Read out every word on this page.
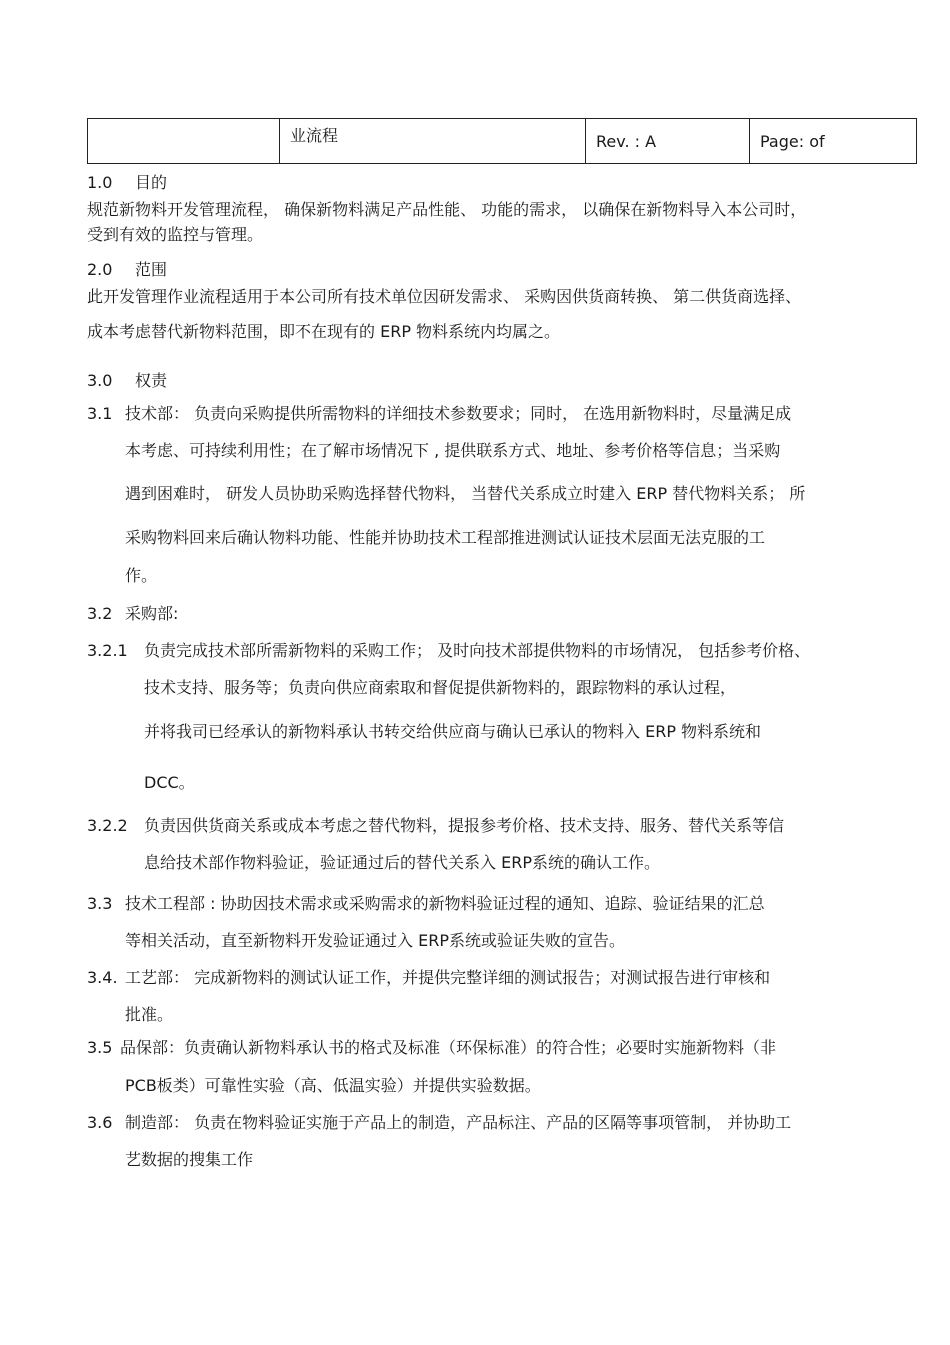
	业流程	Rev. : A	Page: of
1.0 目的
规范新物料开发管理流程， 确保新物料满足产品性能、 功能的需求， 以确保在新物料导入本公司时，
受到有效的监控与管理。
2.0 范围
此开发管理作业流程适用于本公司所有技术单位因研发需求、 采购因供货商转换、 第二供货商选择、
成本考虑替代新物料范围，即不在现有的 ERP 物料系统内均属之。
3.0 权责
3.1 技术部： 负责向采购提供所需物料的详细技术参数要求；同时， 在选用新物料时，尽量满足成
本考虑、可持续利用性；在了解市场情况下 , 提供联系方式、地址、参考价格等信息；当采购
遇到困难时， 研发人员协助采购选择替代物料， 当替代关系成立时建入 ERP 替代物料关系； 所
采购物料回来后确认物料功能、性能并协助技术工程部推进测试认证技术层面无法克服的工
作。
3.2 采购部:
3.2.1 负责完成技术部所需新物料的采购工作； 及时向技术部提供物料的市场情况， 包括参考价格、
技术支持、服务等；负责向供应商索取和督促提供新物料的，跟踪物料的承认过程，
并将我司已经承认的新物料承认书转交给供应商与确认已承认的物料入 ERP 物料系统和
DCC。
3.2.2 负责因供货商关系或成本考虑之替代物料，提报参考价格、技术支持、服务、替代关系等信
息给技术部作物料验证，验证通过后的替代关系入 ERP系统的确认工作。
3.3 技术工程部 : 协助因技术需求或采购需求的新物料验证过程的通知、追踪、验证结果的汇总
等相关活动，直至新物料开发验证通过入 ERP系统或验证失败的宣告。
3.4. 工艺部： 完成新物料的测试认证工作，并提供完整详细的测试报告；对测试报告进行审核和
批准。
3.5 品保部：负责确认新物料承认书的格式及标准（环保标准）的符合性；必要时实施新物料（非
PCB板类）可靠性实验（高、低温实验）并提供实验数据。
3.6 制造部： 负责在物料验证实施于产品上的制造，产品标注、产品的区隔等事项管制， 并协助工
艺数据的搜集工作
